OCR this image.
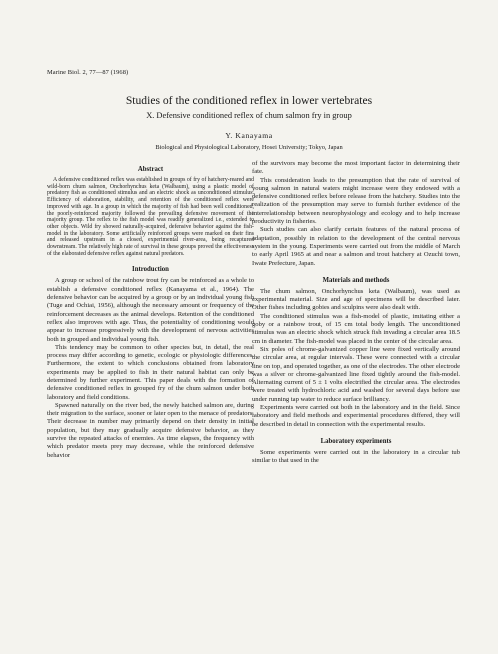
Marine Biol. 2, 77—87 (1968)
Studies of the conditioned reflex in lower vertebrates
X. Defensive conditioned reflex of chum salmon fry in group
Y. Kanayama
Biological and Physiological Laboratory, Hosei University; Tokyo, Japan
Abstract

A defensive conditioned reflex was established in groups of fry of hatchery-reared and wild-born chum salmon, Onchorhynchus keta (Walbaum), using a plastic model of predatory fish as conditioned stimulus and an electric shock as unconditioned stimulus. Efficiency of elaboration, stability, and retention of the conditioned reflex were improved with age. In a group in which the majority of fish had been well conditioned, the poorly-reinforced majority followed the prevailing defensive movement of the majority group. The reflex to the fish model was readily generalized i.e., extended to other objects. Wild fry showed naturally-acquired, defensive behavior against the fish-model in the laboratory. Some artificially reinforced groups were marked on their fins and released upstream in a closed, experimental river-area, being recaptured downstream. The relatively high rate of survival in these groups proved the effectiveness of the elaborated defensive reflex against natural predators.

Introduction

A group or school of the rainbow trout fry can be reinforced as a whole to establish a defensive conditioned reflex (Kanayama et al., 1964). The defensive behavior can be acquired by a group or by an individual young fish (Tuge and Ochiai, 1956), although the necessary amount or frequency of the reinforcement decreases as the animal develops. Retention of the conditioned reflex also improves with age. Thus, the potentiality of conditioning would appear to increase progressively with the development of nervous activities both in grouped and individual young fish.

This tendency may be common to other species but, in detail, the real process may differ according to genetic, ecologic or physiologic differences. Furthermore, the extent to which conclusions obtained from laboratory experiments may be applied to fish in their natural habitat can only be determined by further experiment. This paper deals with the formation of defensive conditioned reflex in grouped fry of the chum salmon under both laboratory and field conditions.

Spawned naturally on the river bed, the newly hatched salmon are, during their migration to the surface, sooner or later open to the menace of predators. Their decrease in number may primarily depend on their density in initial population, but they may gradually acquire defensive behavior, as they survive the repeated attacks of enemies. As time elapses, the frequency with which predator meets prey may decrease, while the reinforced defensive behavior

of the survivors may become the most important factor in determining their fate.

This consideration leads to the presumption that the rate of survival of young salmon in natural waters might increase were they endowed with a defensive conditioned reflex before release from the hatchery. Studies into the realization of the presumption may serve to furnish further evidence of the interrelationship between neurophysiology and ecology and to help increase productivity in fisheries.

Such studies can also clarify certain features of the natural process of adaptation, possibly in relation to the development of the central nervous system in the young. Experiments were carried out from the middle of March to early April 1965 at and near a salmon and trout hatchery at Ozuchi town, Iwate Prefecture, Japan.

Materials and methods

The chum salmon, Onchorhynchus keta (Walbaum), was used as experimental material. Size and age of specimens will be described later. Other fishes including gobies and sculpins were also dealt with.

The conditioned stimulus was a fish-model of plastic, imitating either a goby or a rainbow trout, of 15 cm total body length. The unconditioned stimulus was an electric shock which struck fish invading a circular area 18.5 cm in diameter. The fish-model was placed in the center of the circular area.

Six poles of chrome-galvanized copper line were fixed vertically around the circular area, at regular intervals. These were connected with a circular line on top, and operated together, as one of the electrodes. The other electrode was a silver or chrome-galvanized line fixed tightly around the fish-model. Alternating current of 5 ± 1 volts electrified the circular area. The electrodes were treated with hydrochloric acid and washed for several days before use under running tap water to reduce surface brilliancy.

Experiments were carried out both in the laboratory and in the field. Since laboratory and field methods and experimental procedures differed, they will be described in detail in connection with the experimental results.

Laboratory experiments

Some experiments were carried out in the laboratory in a circular tub similar to that used in the
